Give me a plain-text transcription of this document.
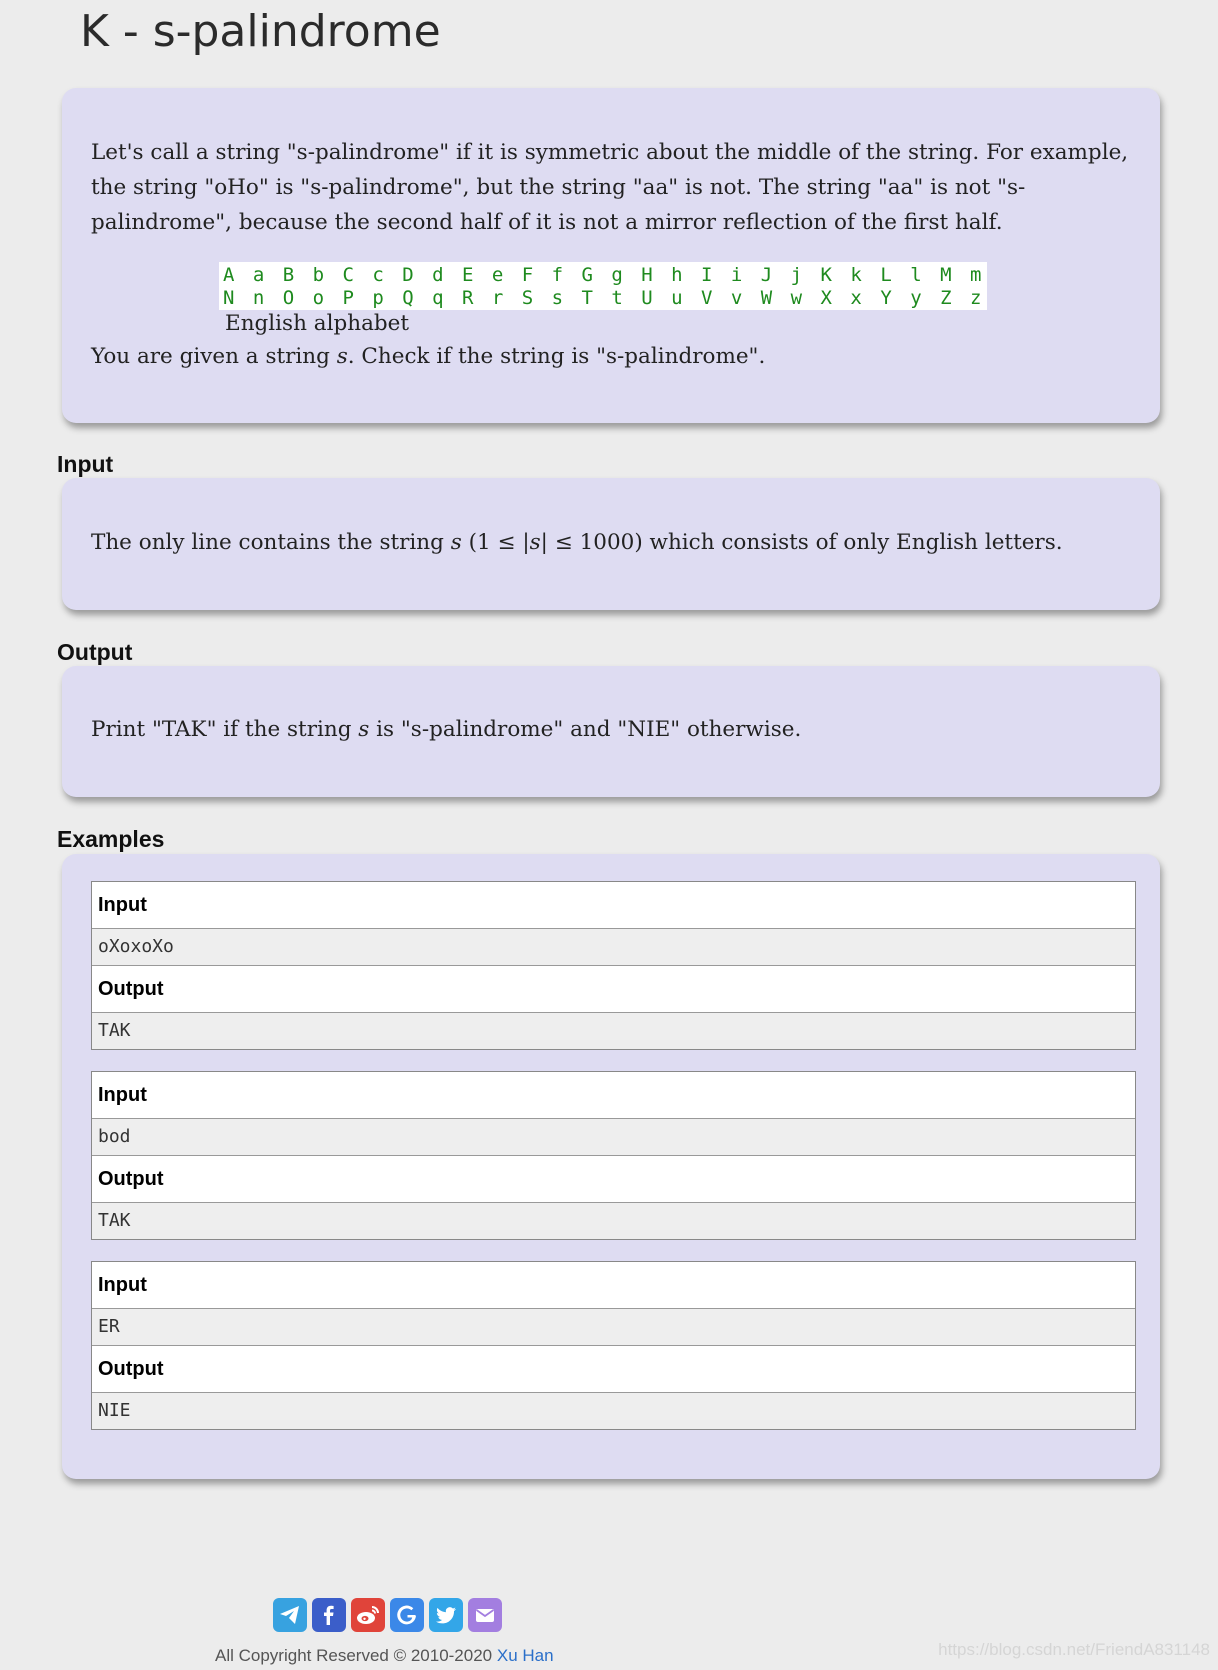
K - s-palindrome

Let's call a string "s-palindrome" if it is symmetric about the middle of the string. For example, the string "oHo" is "s-palindrome", but the string "aa" is not. The string "aa" is not "s-palindrome", because the second half of it is not a mirror reflection of the first half.

A a B b C c D d E e F f G g H h I i J j K k L l M m
N n O o P p Q q R r S s T t U u V v W w X x Y y Z z
English alphabet

You are given a string s. Check if the string is "s-palindrome".

Input

The only line contains the string s (1 ≤ |s| ≤ 1000) which consists of only English letters.

Output

Print "TAK" if the string s is "s-palindrome" and "NIE" otherwise.

Examples
Input
oXoxoXo
Output
TAK
Input
bod
Output
TAK
Input
ER
Output
NIE
All Copyright Reserved © 2010-2020 Xu Han	https://blog.csdn.net/FriendA831148
